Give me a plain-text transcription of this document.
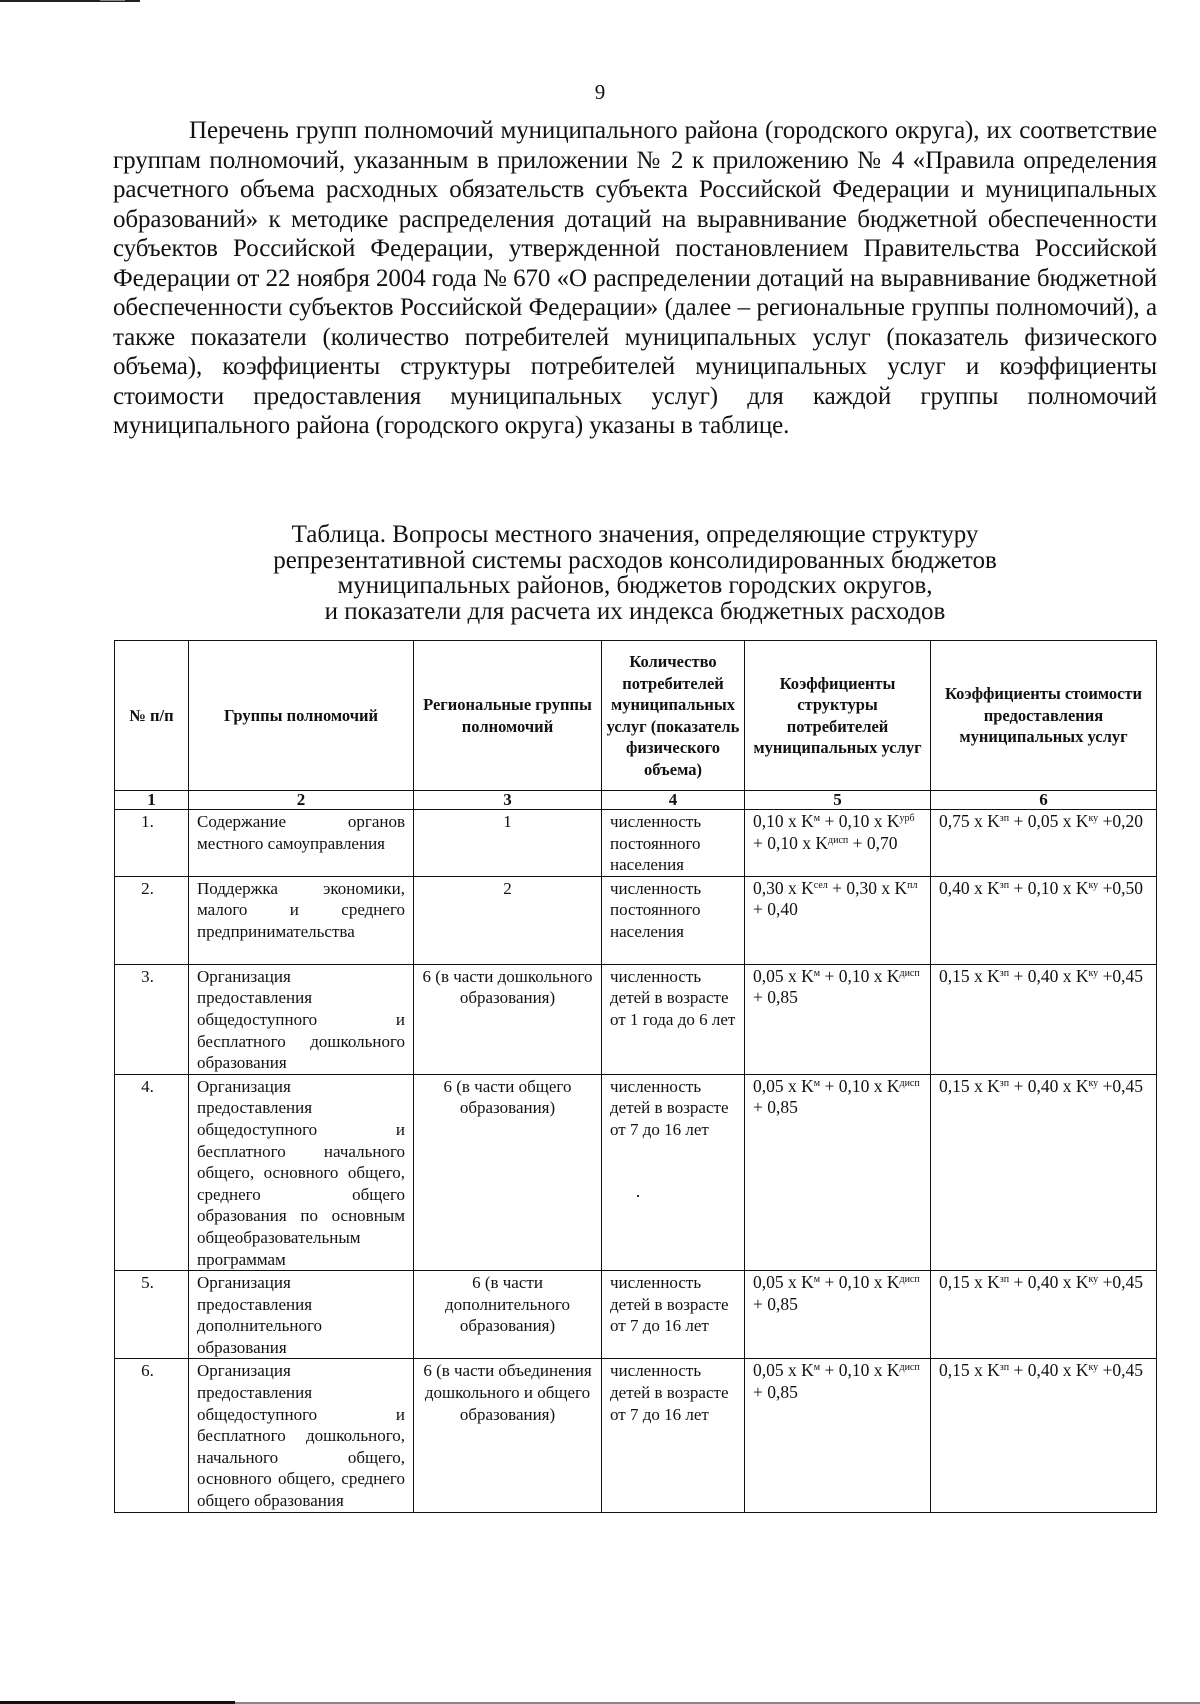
9

Перечень групп полномочий муниципального района (городского округа), их соответствие группам полномочий, указанным в приложении № 2 к приложению № 4 «Правила определения расчетного объема расходных обязательств субъекта Российской Федерации и муниципальных образований» к методике распределения дотаций на выравнивание бюджетной обеспеченности субъектов Российской Федерации, утвержденной постановлением Правительства Российской Федерации от 22 ноября 2004 года № 670 «О распределении дотаций на выравнивание бюджетной обеспеченности субъектов Российской Федерации» (далее – региональные группы полномочий), а также показатели (количество потребителей муниципальных услуг (показатель физического объема), коэффициенты структуры потребителей муниципальных услуг и коэффициенты стоимости предоставления муниципальных услуг) для каждой группы полномочий муниципального района (городского округа) указаны в таблице.

Таблица. Вопросы местного значения, определяющие структуру
репрезентативной системы расходов консолидированных бюджетов
муниципальных районов, бюджетов городских округов,
и показатели для расчета их индекса бюджетных расходов
№ п/п	Группы полномочий	Региональные группы полномочий	Количество потребителей муниципальных услуг (показатель физического объема)	Коэффициенты структуры потребителей муниципальных услуг	Коэффициенты стоимости предоставления муниципальных услуг
1	2	3	4	5	6
1.	Содержание органов местного самоуправления	1	численность постоянного населения	0,10 x $K^м + 0,10$ x $K^{урб} + 0,10$ x $K^{дисп} + 0,70$	0,75 x $K^{зп} + 0,05$ x $K^{ку} +0,20$
2.	Поддержка экономики, малого и среднего предпринимательства	2	численность постоянного населения	0,30 x $K^{сел} + 0,30$ x $K^{пл} + 0,40$	0,40 x $K^{зп} + 0,10$ x $K^{ку} +0,50$
3.	Организация предоставления общедоступного и бесплатного дошкольного образования	6 (в части дошкольного образования)	численность детей в возрасте от 1 года до 6 лет	0,05 x $K^м + 0,10$ x $K^{дисп} + 0,85$	0,15 x $K^{зп} + 0,40$ x $K^{ку} +0,45$
4.	Организация предоставления общедоступного и бесплатного начального общего, основного общего, среднего общего образования по основным общеобразовательным программам	6 (в части общего образования)	численность детей в возрасте от 7 до 16 лет	0,05 x $K^м + 0,10$ x $K^{дисп} + 0,85$	0,15 x $K^{зп} + 0,40$ x $K^{ку} +0,45$
5.	Организация предоставления дополнительного образования	6 (в части дополнительного образования)	численность детей в возрасте от 7 до 16 лет	0,05 x $K^м + 0,10$ x $K^{дисп} + 0,85$	0,15 x $K^{зп} + 0,40$ x $K^{ку} +0,45$
6.	Организация предоставления общедоступного и бесплатного дошкольного, начального общего, основного общего, среднего общего образования	6 (в части объединения дошкольного и общего образования)	численность детей в возрасте от 7 до 16 лет	0,05 x $K^м + 0,10$ x $K^{дисп} + 0,85$	0,15 x $K^{зп} + 0,40$ x $K^{ку} +0,45$
